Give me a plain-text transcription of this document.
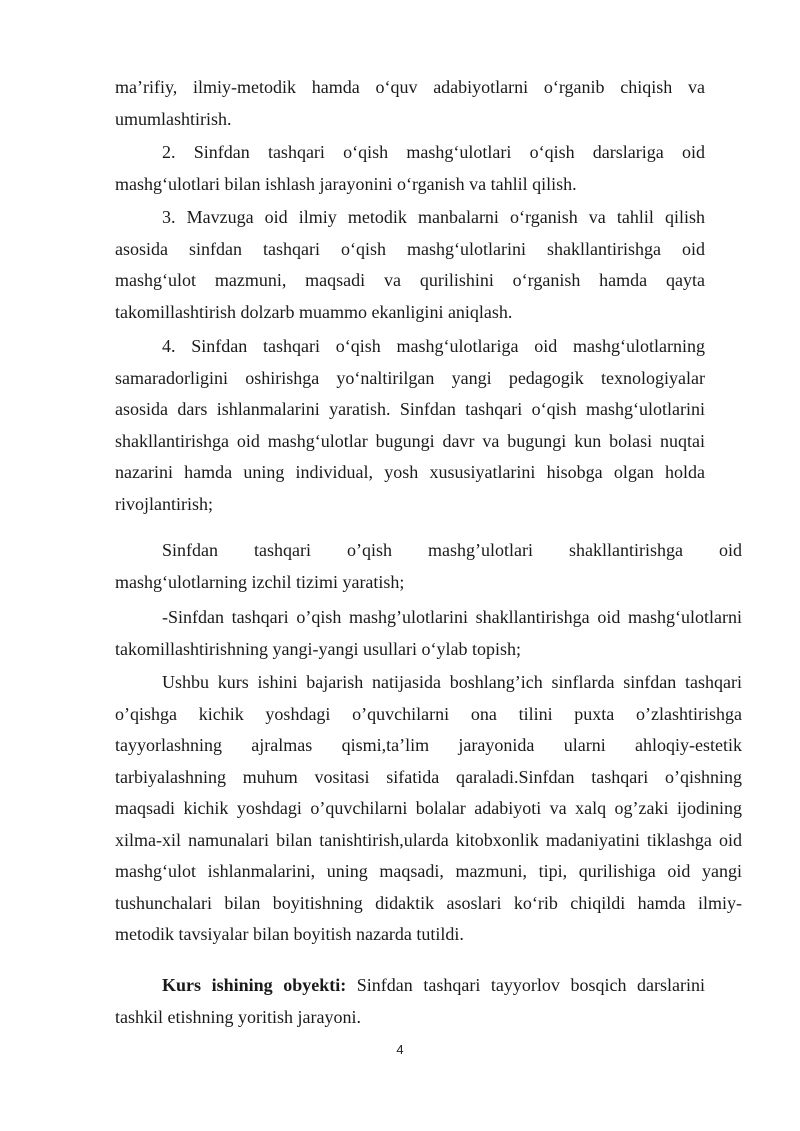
ma’rifiy, ilmiy-metodik hamda o‘quv adabiyotlarni o‘rganib chiqish va
umumlashtirish.
2. Sinfdan tashqari o‘qish mashg‘ulotlari o‘qish darslariga oid
mashg‘ulotlari bilan ishlash jarayonini o‘rganish va tahlil qilish.
3. Mavzuga oid ilmiy metodik manbalarni o‘rganish va tahlil qilish
asosida sinfdan tashqari o‘qish mashg‘ulotlarini shakllantirishga oid
mashg‘ulot mazmuni, maqsadi va qurilishini o‘rganish hamda qayta
takomillashtirish dolzarb muammo ekanligini aniqlash.
4. Sinfdan tashqari o‘qish mashg‘ulotlariga oid mashg‘ulotlarning
samaradorligini oshirishga yo‘naltirilgan yangi pedagogik texnologiyalar
asosida dars ishlanmalarini yaratish. Sinfdan tashqari o‘qish mashg‘ulotlarini
shakllantirishga oid mashg‘ulotlar bugungi davr va bugungi kun bolasi nuqtai
nazarini hamda uning individual, yosh xususiyatlarini hisobga olgan holda
rivojlantirish;
Sinfdan tashqari o’qish mashg’ulotlari shakllantirishga oid
mashg‘ulotlarning izchil tizimi yaratish;
-Sinfdan tashqari o’qish mashg’ulotlarini shakllantirishga oid mashg‘ulotlarni
takomillashtirishning yangi-yangi usullari o‘ylab topish;
Ushbu kurs ishini bajarish natijasida boshlang’ich sinflarda sinfdan tashqari
o’qishga kichik yoshdagi o’quvchilarni ona tilini puxta o’zlashtirishga
tayyorlashning ajralmas qismi,ta’lim jarayonida ularni ahloqiy-estetik
tarbiyalashning muhum vositasi sifatida qaraladi.Sinfdan tashqari o’qishning
maqsadi kichik yoshdagi o’quvchilarni bolalar adabiyoti va xalq og’zaki ijodining
xilma-xil namunalari bilan tanishtirish,ularda kitobxonlik madaniyatini tiklashga oid
mashg‘ulot ishlanmalarini, uning maqsadi, mazmuni, tipi, qurilishiga oid yangi
tushunchalari bilan boyitishning didaktik asoslari ko‘rib chiqildi hamda ilmiy-
metodik tavsiyalar bilan boyitish nazarda tutildi.
Kurs ishining obyekti: Sinfdan tashqari tayyorlov bosqich darslarini
tashkil etishning yoritish jarayoni.
4
